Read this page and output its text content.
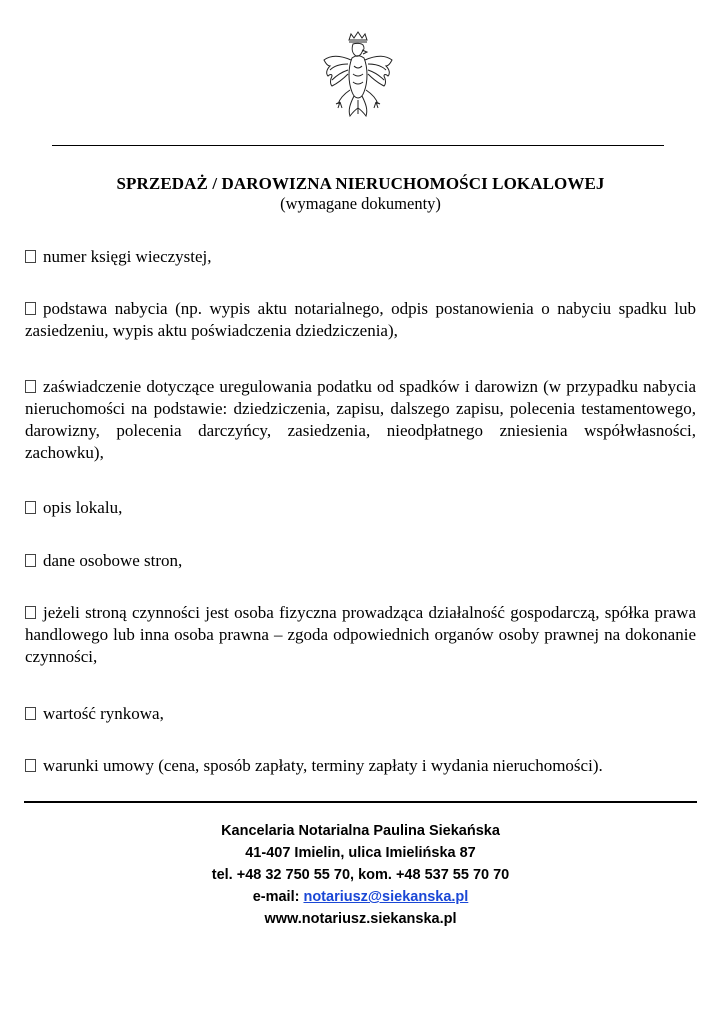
SPRZEDAŻ / DAROWIZNA NIERUCHOMOŚCI LOKALOWEJ
(wymagane dokumenty)
numer księgi wieczystej,
podstawa nabycia (np. wypis aktu notarialnego, odpis postanowienia o nabyciu spadku lub zasiedzeniu, wypis aktu poświadczenia dziedziczenia),
zaświadczenie dotyczące uregulowania podatku od spadków i darowizn (w przypadku nabycia nieruchomości na podstawie: dziedziczenia, zapisu, dalszego zapisu, polecenia testamentowego, darowizny, polecenia darczyńcy, zasiedzenia, nieodpłatnego zniesienia współwłasności, zachowku),
opis lokalu,
dane osobowe stron,
jeżeli stroną czynności jest osoba fizyczna prowadząca działalność gospodarczą, spółka prawa handlowego lub inna osoba prawna – zgoda odpowiednich organów osoby prawnej na dokonanie czynności,
wartość rynkowa,
warunki umowy (cena, sposób zapłaty, terminy zapłaty i wydania nieruchomości).
Kancelaria Notarialna Paulina Siekańska
41-407 Imielin, ulica Imielińska 87
tel. +48 32 750 55 70, kom. +48 537 55 70 70
e-mail: notariusz@siekanska.pl
www.notariusz.siekanska.pl
